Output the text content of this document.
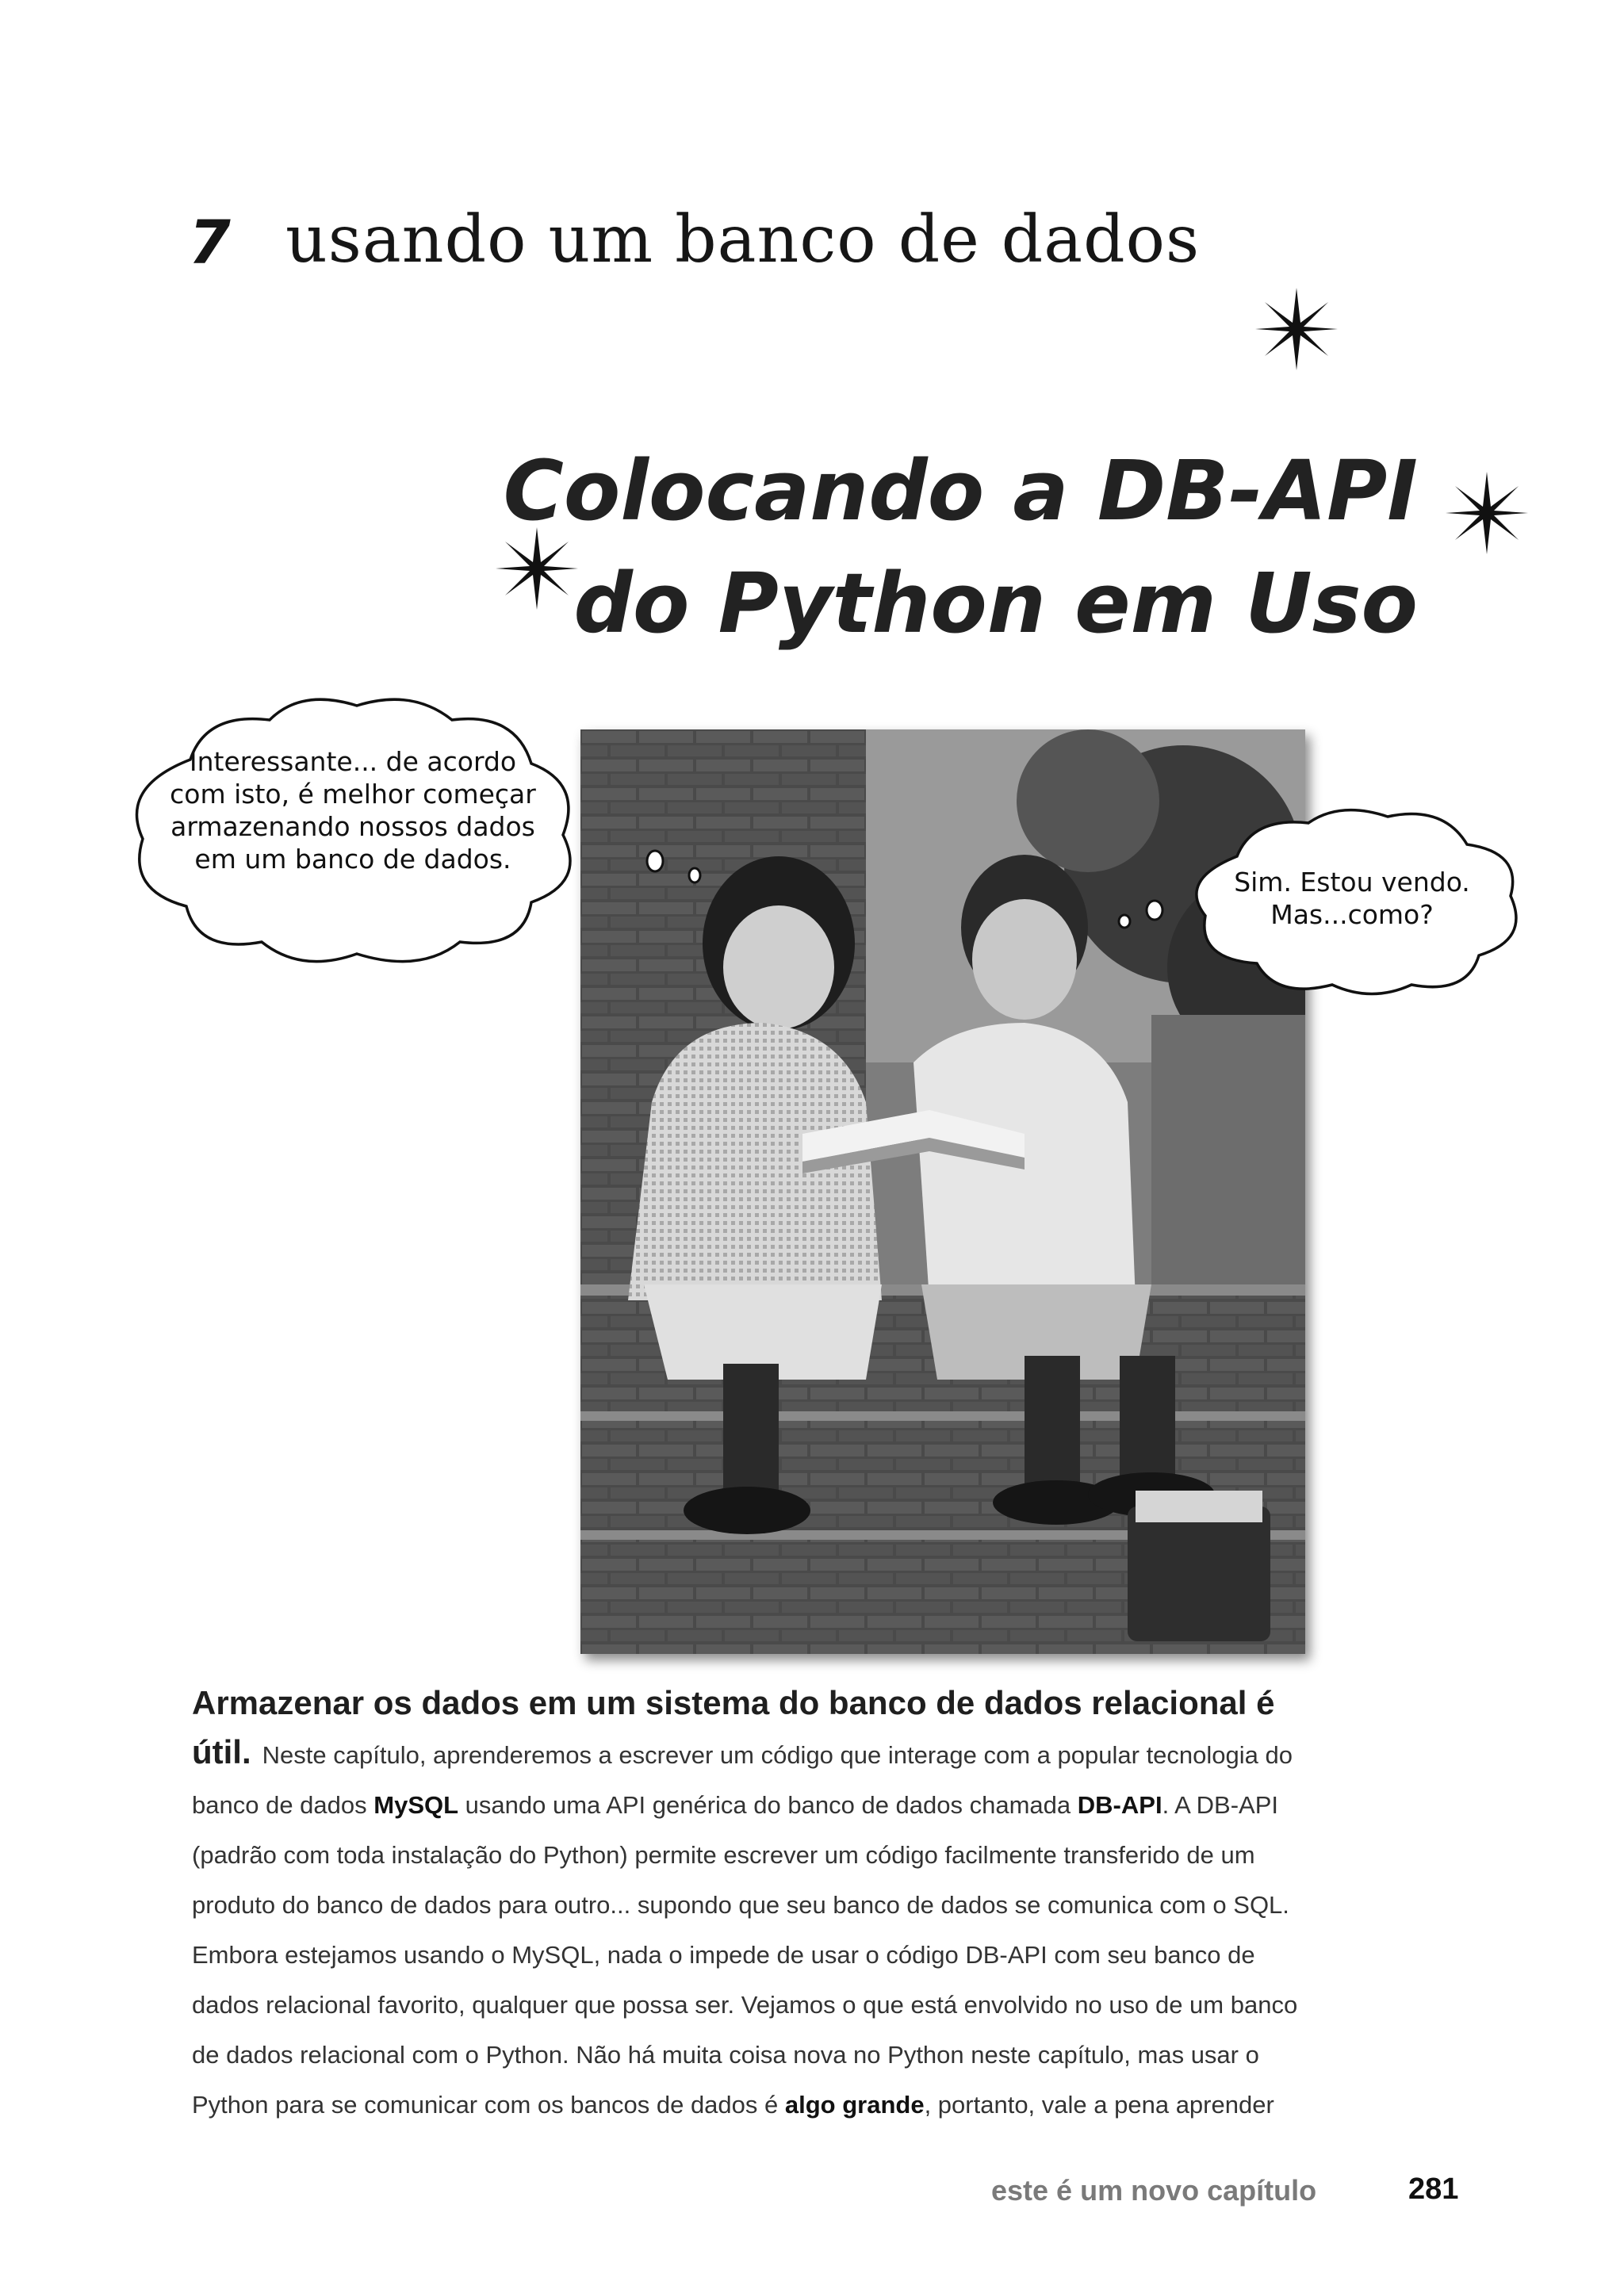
7 usando um banco de dados
Colocando a DB-API
do Python em Uso
Interessante... de acordo
com isto, é melhor começar
armazenando nossos dados
em um banco de dados.
Sim. Estou vendo.
Mas...como?
Armazenar os dados em um sistema do banco de dados relacional é
útil. Neste capítulo, aprenderemos a escrever um código que interage com a popular tecnologia do
banco de dados MySQL usando uma API genérica do banco de dados chamada DB-API. A DB-API
(padrão com toda instalação do Python) permite escrever um código facilmente transferido de um
produto do banco de dados para outro... supondo que seu banco de dados se comunica com o SQL.
Embora estejamos usando o MySQL, nada o impede de usar o código DB-API com seu banco de
dados relacional favorito, qualquer que possa ser. Vejamos o que está envolvido no uso de um banco
de dados relacional com o Python. Não há muita coisa nova no Python neste capítulo, mas usar o
Python para se comunicar com os bancos de dados é algo grande, portanto, vale a pena aprender
este é um novo capítulo	281
